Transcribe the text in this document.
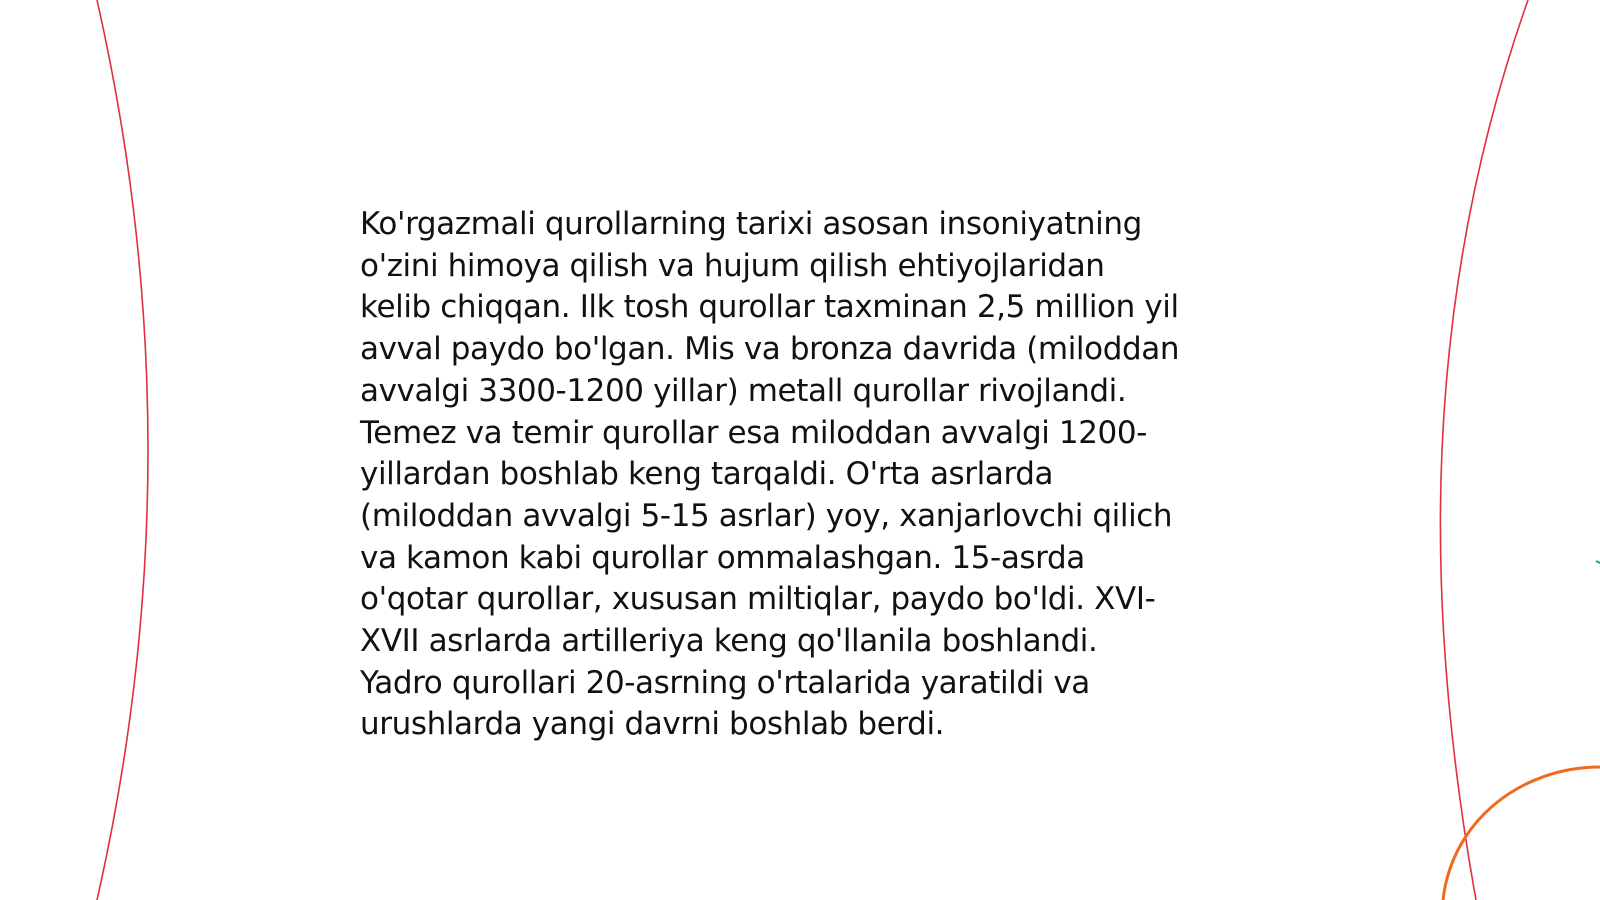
Ko'rgazmali qurollarning tarixi asosan insoniyatning
o'zini himoya qilish va hujum qilish ehtiyojlaridan
kelib chiqqan. Ilk tosh qurollar taxminan 2,5 million yil
avval paydo bo'lgan. Mis va bronza davrida (miloddan
avvalgi 3300-1200 yillar) metall qurollar rivojlandi.
Temez va temir qurollar esa miloddan avvalgi 1200-
yillardan boshlab keng tarqaldi. O'rta asrlarda
(miloddan avvalgi 5-15 asrlar) yoy, xanjarlovchi qilich
va kamon kabi qurollar ommalashgan. 15-asrda
o'qotar qurollar, xususan miltiqlar, paydo bo'ldi. XVI-
XVII asrlarda artilleriya keng qo'llanila boshlandi.
Yadro qurollari 20-asrning o'rtalarida yaratildi va
urushlarda yangi davrni boshlab berdi.
